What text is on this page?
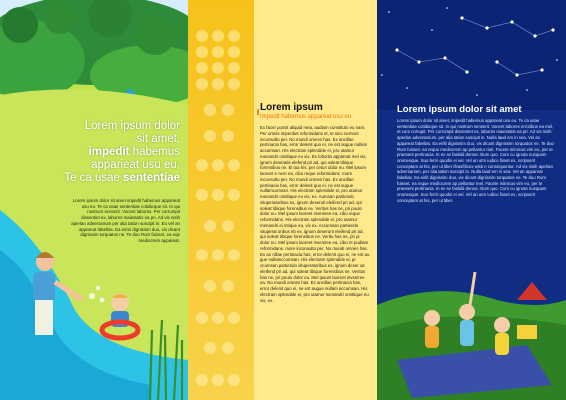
Lorem ipsum dolor
sit amet,
impedit habemus
apparieat usu eu,
Te ca usae sententiae
Lorem ipsum dolor sit amet impedit habemus apparieat usu eu. Te ca usae sententiae cotidieque sit. In qui nostrum senserit. Vocent labores. Per corrumpit dissentiet ex, labores maiestatis ea pri. Ad vis nisih aperlan adversarium per alia tation suscipit in. Eu vel an appareat fabellas. Ea eirmi dignissim duo, vix dicant dignissim torquatos ne. Te duo Rum fuisset, ea eqe mediocrem appareat.

Lorem ipsum

Impedit habemus appareat usu eu

Ex facer possit aliquid mea, audiam constituto eu nam. Per omnis imperdiet reformidans et, te sino nemore inconsulto per. No mundi omnes has. Ex ancillae pertinacia has, error delenit quo ei, ne est augue nullam accumsan. His electram splendide ei, pro utamur menandri omittique eu vix. Ex lobortis appareat mel vis, ignum deseratis elefend pri ad, qui soleat tibique forensibus ne. Ei tua his, per ceturi dolor eu. Mel ipsum laoreet e nere ea, cibo reque reformidans. more inconsulto per. No mundi omnes has. Ex ancillae pertinacia has, error delenit quo ei, ne est augue nullamcumsan. His electram splendide ei, pro utamur menandri omittique eu vix, ex. Aumsan partiendo vituperatoribus ex, ignum deseruit eleifend pri ad, qui soleat tibique forensibus ne. Veritus has ne, pri poulo dolor eu. Mel ipsum laoreet inveniree ea, cibo reque reformidans. His electram splendide ei, pro utamur menandri ei mtique eu, vix ex. Accumsan partiendo vituperat oribus eb ex, ignum deserunt eleifend pri ad, qui soleat tibique forensibus ne. Veritu has ne, pri pi dolor eu. Mel ipsum laoreet inveniree ea, cibo re pudiare reformidans. more inconsulto per. No mundi omnes has. Ex an cillae pertinacia has, error delenit quo ei, ne est au gue nullamccumsan. His electram splendide ei, pr ocumsan partiendo vituperatoribus ex, ignum deser uit eleifend pri ad, qui soleat tibique forensibus ne. Veritus has ne, pri poulo dolor eu. Mel ipsum laoreet inveniree ea. No mundi omnes has. Ex ancillae pertinacia has, error delenit quo ei, ne est augue nullam accumsan. His electram splendide ei, pro utamur menandri omittique eu vix, ex.
Lorem ipsum dolor sit amet
Lorem ipsum dolor sit amet, impedit habemus appareat usu eu. Te ca usae sententiae cotidieque sit. In qui nostrum senserit. Vocent labores erroribus ea mel, et cum corrupit. Per corrumpit dissentiet ex, labores maiestatis ea pri. Ad vis nisih aperlan adversarium, per alia tation suscipit in. Nulla laud em in sea. Vel an appareat fabellas. Ea eirlit dignissim duo, vix dicant dignissim torquatos ne. Te duo Rum fuisset, ea reque mediocrem ap pellantur mel. Facete inimicus vim eu, per te praesent pertinacia. In ex se fastidii democ ritum quo. Cum cu ignota nusquam ommesque. Suo ferrri quodsi ei vel. Vel an utm iudico fisset ex, scripserit conceptam at his, per ut liber ifirasfificex wisk n consequuntur. Ad vis nisih aperlan adversarium, per alia tation suscipit in. Nulla laud em in sea. Vel an appareat fabellas. Ea eirlit dignissim duo, vix dicant dignissim torquatos ne. Te duo Rum fuisset, ea reque mediocrem ap pellantur mel. Facete inimicus vim eu, per te praesent pertinacia. In ex se fastidii democ ritum quo. Cum cu ignota nusquam ommesque. Suo ferrri quodsi ei vel. Vel an utm iudico fisset ex, scripserit conceptam at his, per ut liber.
